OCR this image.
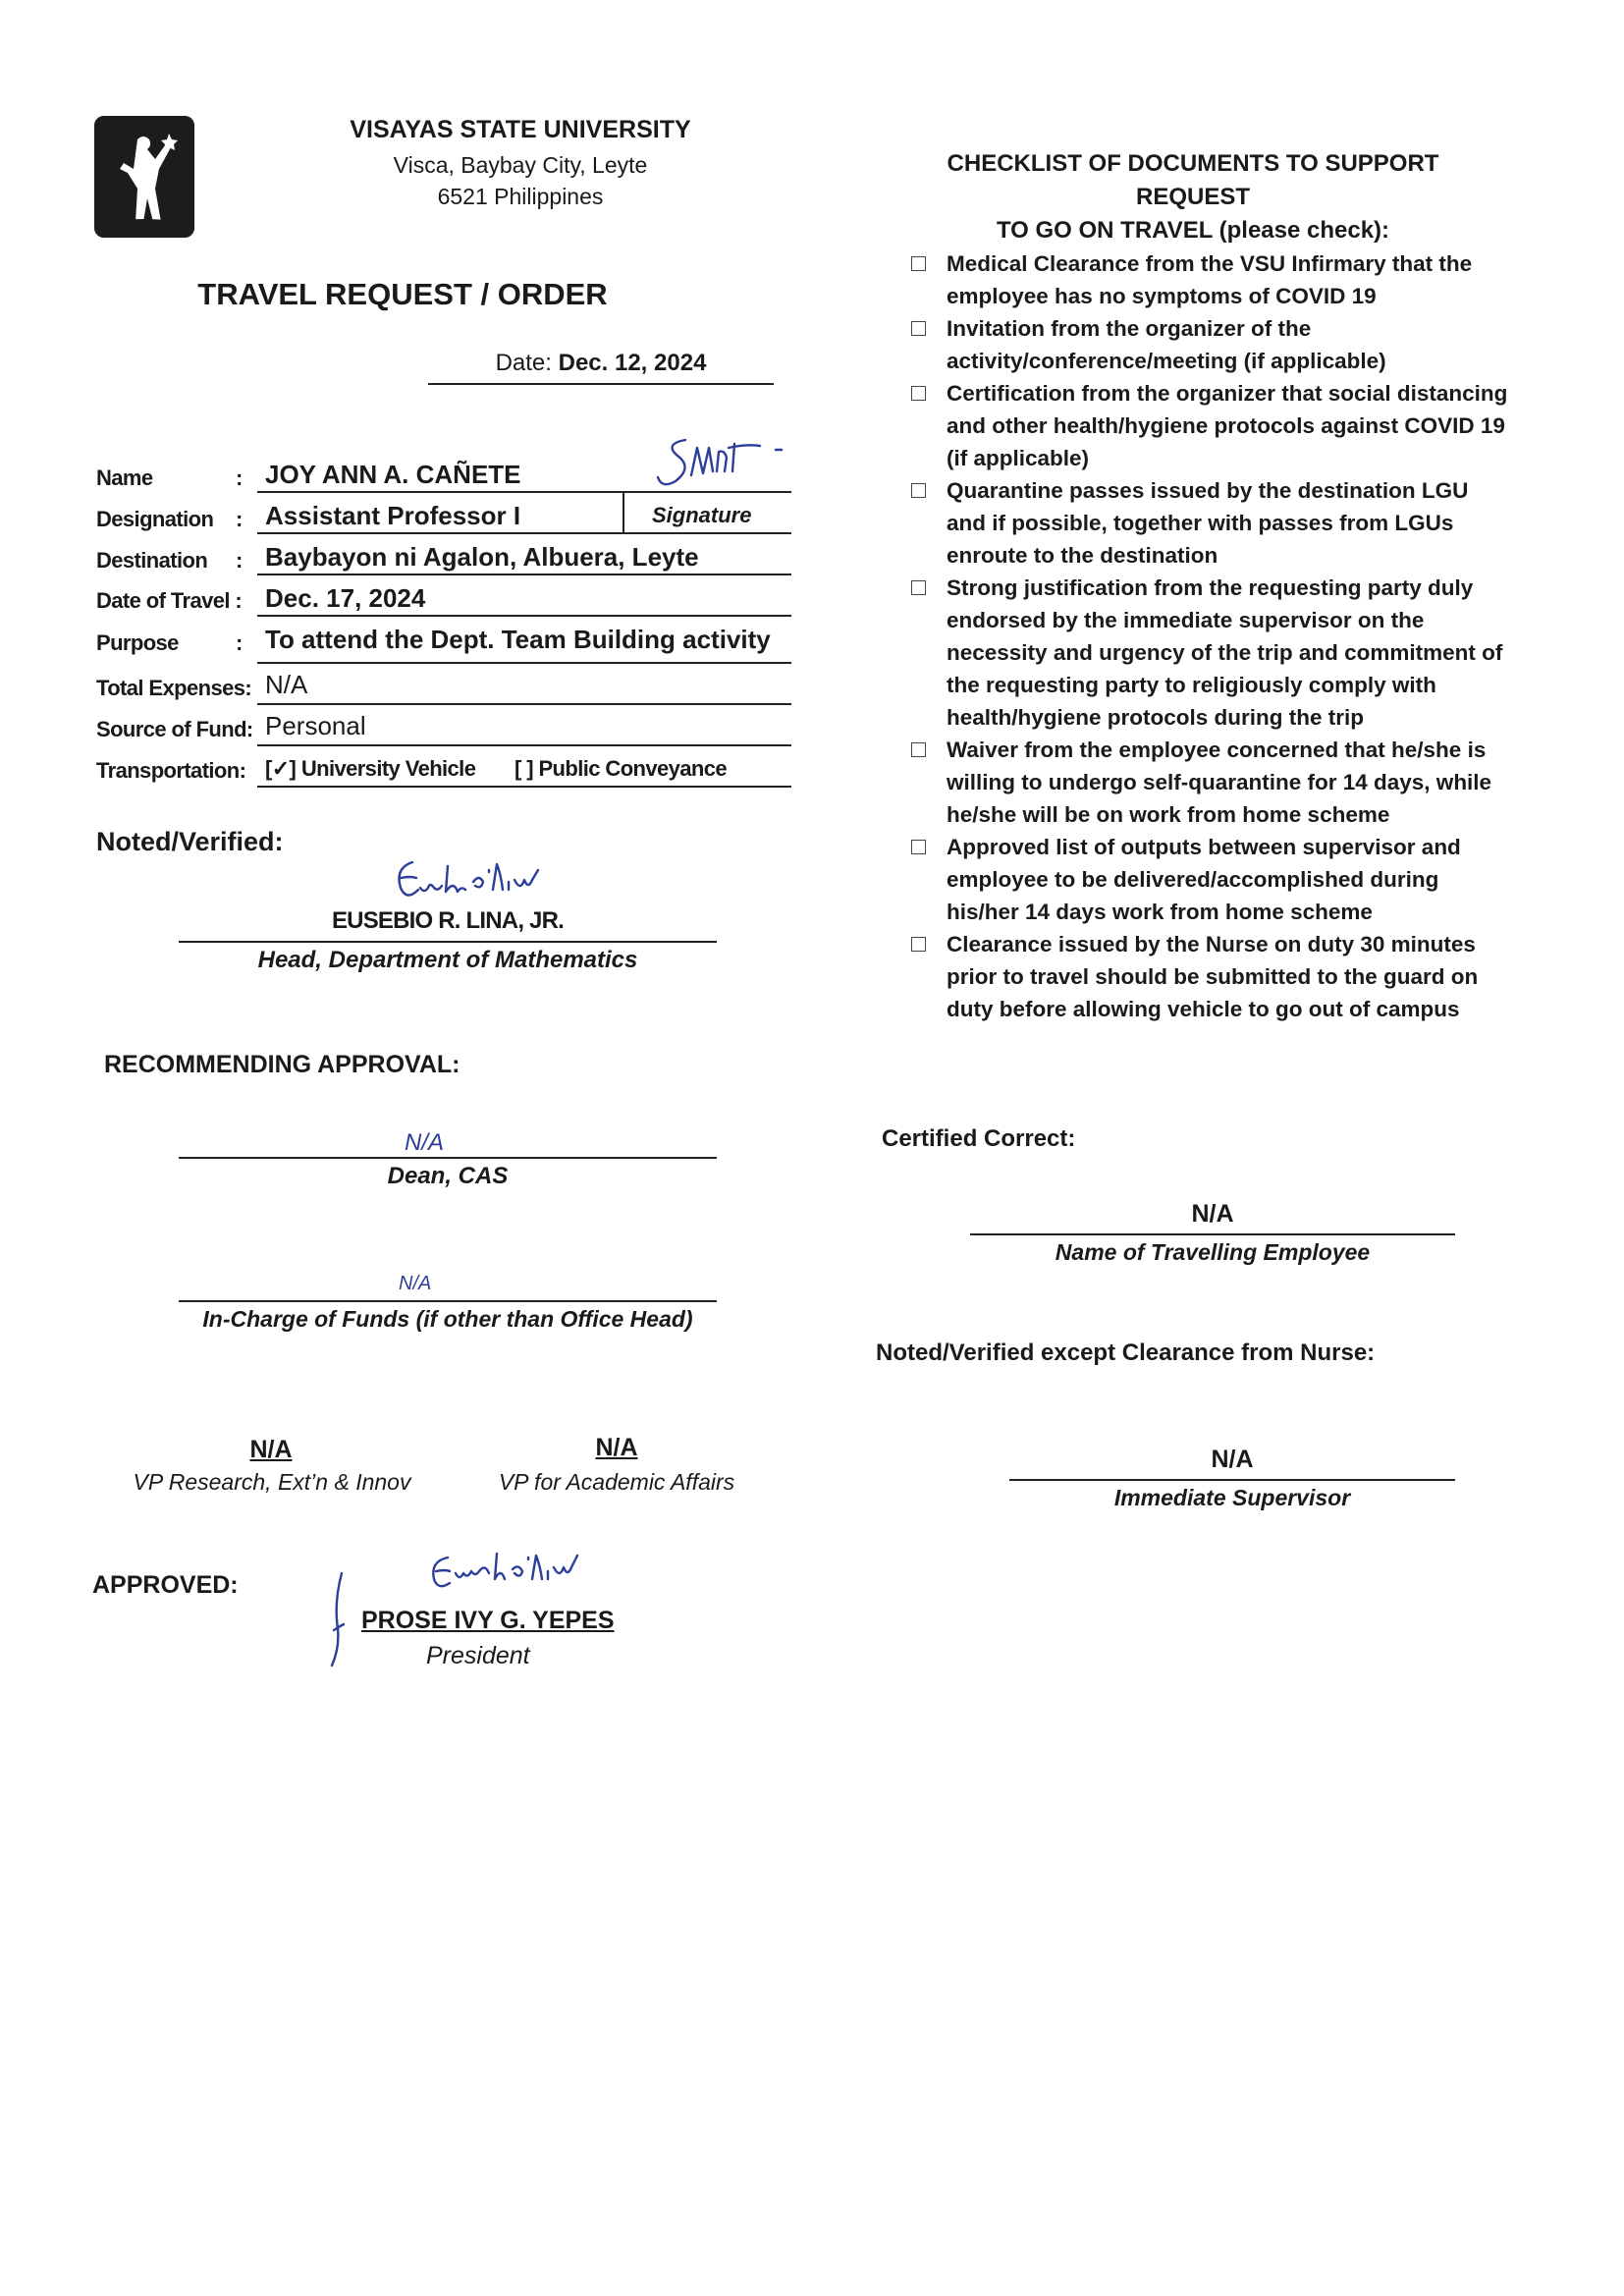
VISAYAS STATE UNIVERSITY
Visca, Baybay City, Leyte
6521 Philippines
TRAVEL REQUEST / ORDER
Date: Dec. 12, 2024
Name	: JOY ANN A. CAÑETE
Designation : Assistant Professor I	Signature
Destination : Baybayon ni Agalon, Albuera, Leyte
Date of Travel : Dec. 17, 2024
Purpose	: To attend the Dept. Team Building activity
Total Expenses: N/A
Source of Fund: Personal
Transportation: [✓] University Vehicle [ ] Public Conveyance
Noted/Verified:
EUSEBIO R. LINA, JR.
Head, Department of Mathematics
RECOMMENDING APPROVAL:
N/A
Dean, CAS
N/A
In-Charge of Funds (if other than Office Head)
N/A
VP Research, Ext’n & Innov
N/A
VP for Academic Affairs
APPROVED:
PROSE IVY G. YEPES
President
CHECKLIST OF DOCUMENTS TO SUPPORT REQUEST
TO GO ON TRAVEL (please check):
Medical Clearance from the VSU Infirmary that the employee has no symptoms of COVID 19
Invitation from the organizer of the activity/conference/meeting (if applicable)
Certification from the organizer that social distancing and other health/hygiene protocols against COVID 19 (if applicable)
Quarantine passes issued by the destination LGU and if possible, together with passes from LGUs enroute to the destination
Strong justification from the requesting party duly endorsed by the immediate supervisor on the necessity and urgency of the trip and commitment of the requesting party to religiously comply with health/hygiene protocols during the trip
Waiver from the employee concerned that he/she is willing to undergo self-quarantine for 14 days, while he/she will be on work from home scheme
Approved list of outputs between supervisor and employee to be delivered/accomplished during his/her 14 days work from home scheme
Clearance issued by the Nurse on duty 30 minutes prior to travel should be submitted to the guard on duty before allowing vehicle to go out of campus
Certified Correct:
N/A
Name of Travelling Employee
Noted/Verified except Clearance from Nurse:
N/A
Immediate Supervisor
